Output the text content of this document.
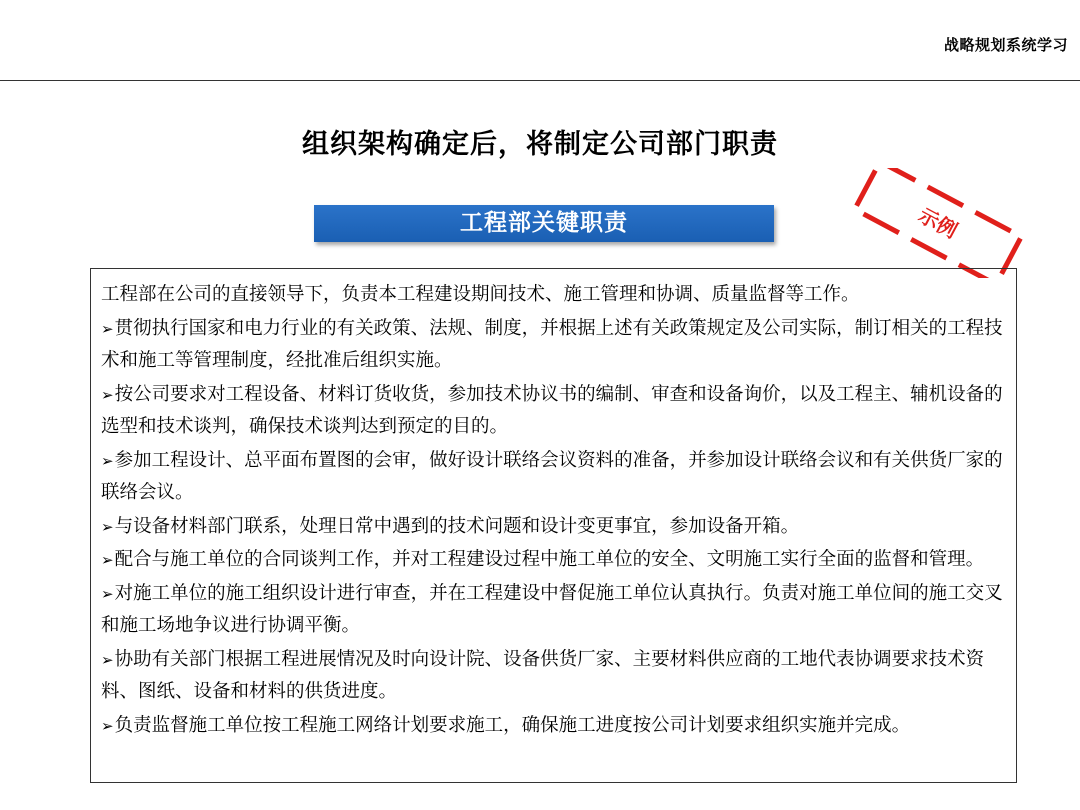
战略规划系统学习
组织架构确定后，将制定公司部门职责
工程部关键职责	示例

工程部在公司的直接领导下，负责本工程建设期间技术、施工管理和协调、质量监督等工作。

➢贯彻执行国家和电力行业的有关政策、法规、制度，并根据上述有关政策规定及公司实际，制订相关的工程技术和施工等管理制度，经批准后组织实施。

➢按公司要求对工程设备、材料订货收货，参加技术协议书的编制、审查和设备询价，以及工程主、辅机设备的选型和技术谈判，确保技术谈判达到预定的目的。

➢参加工程设计、总平面布置图的会审，做好设计联络会议资料的准备，并参加设计联络会议和有关供货厂家的联络会议。

➢与设备材料部门联系，处理日常中遇到的技术问题和设计变更事宜，参加设备开箱。

➢配合与施工单位的合同谈判工作，并对工程建设过程中施工单位的安全、文明施工实行全面的监督和管理。

➢对施工单位的施工组织设计进行审查，并在工程建设中督促施工单位认真执行。负责对施工单位间的施工交叉和施工场地争议进行协调平衡。

➢协助有关部门根据工程进展情况及时向设计院、设备供货厂家、主要材料供应商的工地代表协调要求技术资料、图纸、设备和材料的供货进度。

➢负责监督施工单位按工程施工网络计划要求施工，确保施工进度按公司计划要求组织实施并完成。
